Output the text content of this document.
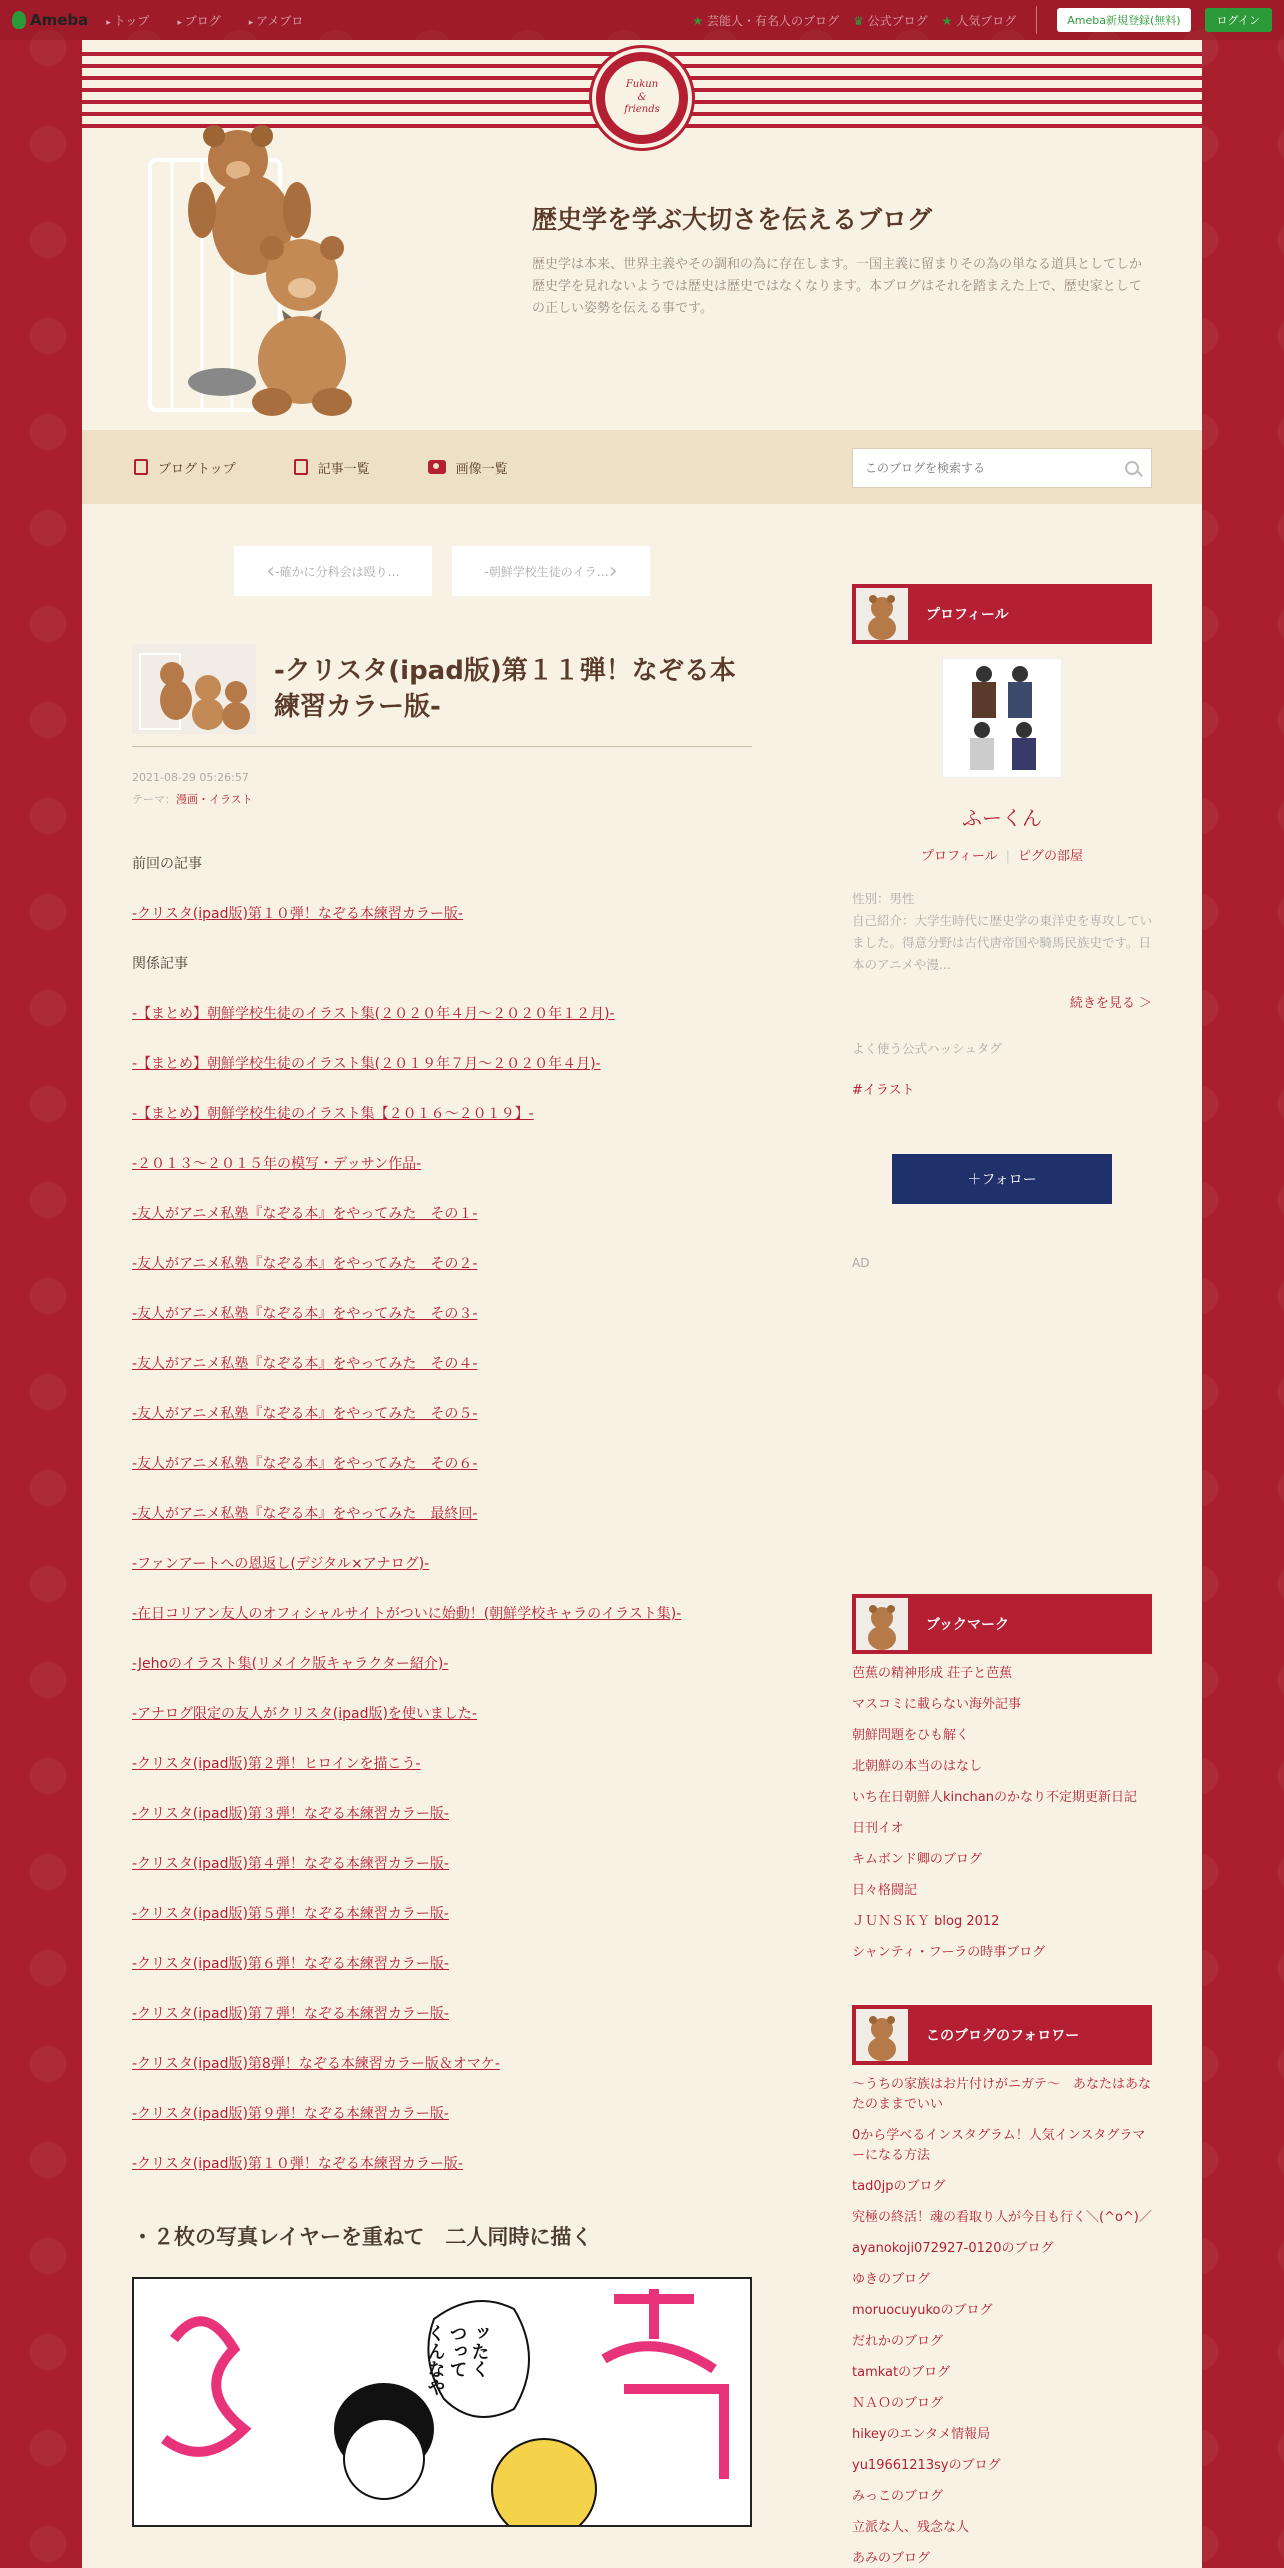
Ameba	▸ トップ	▸ ブログ	▸ アメブロ	★ 芸能人・有名人のブログ ♛ 公式ブログ ★ 人気ブログ	Ameba新規登録(無料)	ログイン
Fukun
&
friends
歴史学を学ぶ大切さを伝えるブログ

歴史学は本来、世界主義やその調和の為に存在します。一国主義に留まりその為の単なる道具としてしか歴史学を見れないようでは歴史は歴史ではなくなります。本ブログはそれを踏まえた上で、歴史家としての正しい姿勢を伝える事です。

ブログトップ	記事一覧	画像一覧
このブログを検索する
‹ -確かに分科会は殴り…	-朝鮮学校生徒のイラ… ›
-クリスタ(ipad版)第１１弾！なぞる本練習カラー版-
2021-08-29 05:26:57
テーマ：漫画・イラスト

前回の記事

-クリスタ(ipad版)第１０弾！なぞる本練習カラー版-

関係記事

-【まとめ】朝鮮学校生徒のイラスト集(２０２０年４月～２０２０年１２月)-

-【まとめ】朝鮮学校生徒のイラスト集(２０１９年７月～２０２０年４月)-

-【まとめ】朝鮮学校生徒のイラスト集【２０１６～２０１９】-

-２０１３～２０１５年の模写・デッサン作品-

-友人がアニメ私塾『なぞる本』をやってみた　その１-

-友人がアニメ私塾『なぞる本』をやってみた　その２-

-友人がアニメ私塾『なぞる本』をやってみた　その３-

-友人がアニメ私塾『なぞる本』をやってみた　その４-

-友人がアニメ私塾『なぞる本』をやってみた　その５-

-友人がアニメ私塾『なぞる本』をやってみた　その６-

-友人がアニメ私塾『なぞる本』をやってみた　最終回-

-ファンアートへの恩返し(デジタル×アナログ)-

-在日コリアン友人のオフィシャルサイトがついに始動！(朝鮮学校キャラのイラスト集)-

-Jehoのイラスト集(リメイク版キャラクター紹介)-

-アナログ限定の友人がクリスタ(ipad版)を使いました-

-クリスタ(ipad版)第２弾！ヒロインを描こう-

-クリスタ(ipad版)第３弾！なぞる本練習カラー版-

-クリスタ(ipad版)第４弾！なぞる本練習カラー版-

-クリスタ(ipad版)第５弾！なぞる本練習カラー版-

-クリスタ(ipad版)第６弾！なぞる本練習カラー版-

-クリスタ(ipad版)第７弾！なぞる本練習カラー版-

-クリスタ(ipad版)第8弾！なぞる本練習カラー版＆オマケ-

-クリスタ(ipad版)第９弾！なぞる本練習カラー版-

-クリスタ(ipad版)第１０弾！なぞる本練習カラー版-

・２枚の写真レイヤーを重ねて　二人同時に描く
ッたく
つって
くんなや
プロフィール
ふーくん
プロフィール | ピグの部屋
性別：男性
自己紹介：大学生時代に歴史学の東洋史を専攻していました。得意分野は古代唐帝国や騎馬民族史です。日本のアニメや漫...
続きを見る ＞
よく使う公式ハッシュタグ
#イラスト
＋ フォロー
AD
ブックマーク
芭蕉の精神形成 荘子と芭蕉
マスコミに載らない海外記事
朝鮮問題をひも解く
北朝鮮の本当のはなし
いち在日朝鮮人kinchanのかなり不定期更新日記
日刊イオ
キムボンド卿のブログ
日々格闘記
ＪＵＮＳＫＹ blog 2012
シャンティ・フーラの時事ブログ
このブログのフォロワー
～うちの家族はお片付けがニガテ～　あなたはあなたのままでいい
0から学べるインスタグラム！人気インスタグラマーになる方法
tad0jpのブログ
究極の終活！魂の看取り人が今日も行く＼(^o^)／
ayanokoji072927-0120のブログ
ゆきのブログ
moruocuyukoのブログ
だれかのブログ
tamkatのブログ
ＮＡＯのブログ
hikeyのエンタメ情報局
yu19661213syのブログ
みっこのブログ
立派な人、残念な人
あみのブログ
